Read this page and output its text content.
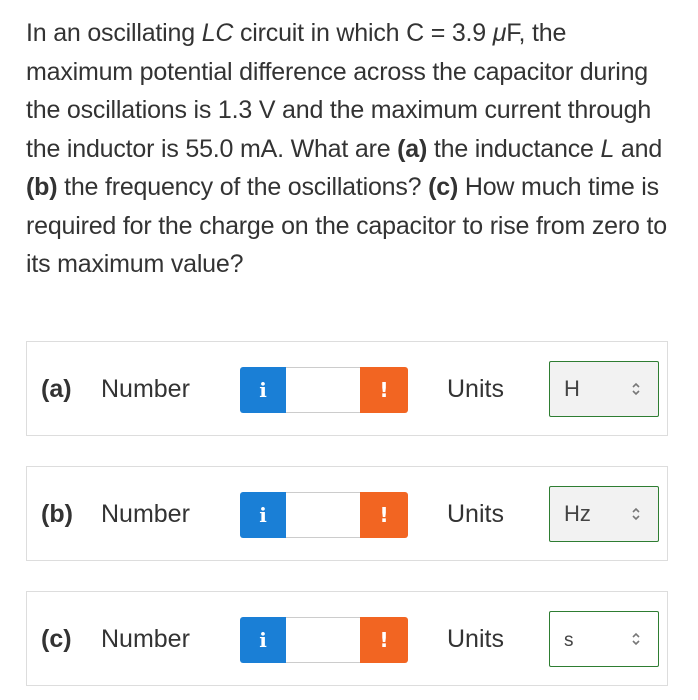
In an oscillating LC circuit in which C = 3.9 μF, the maximum potential difference across the capacitor during the oscillations is 1.3 V and the maximum current through the inductor is 55.0 mA. What are (a) the inductance L and (b) the frequency of the oscillations? (c) How much time is required for the charge on the capacitor to rise from zero to its maximum value?
(a) Number	i	!	Units	H
(b) Number	i	!	Units	Hz
(c) Number	i	!	Units	s
